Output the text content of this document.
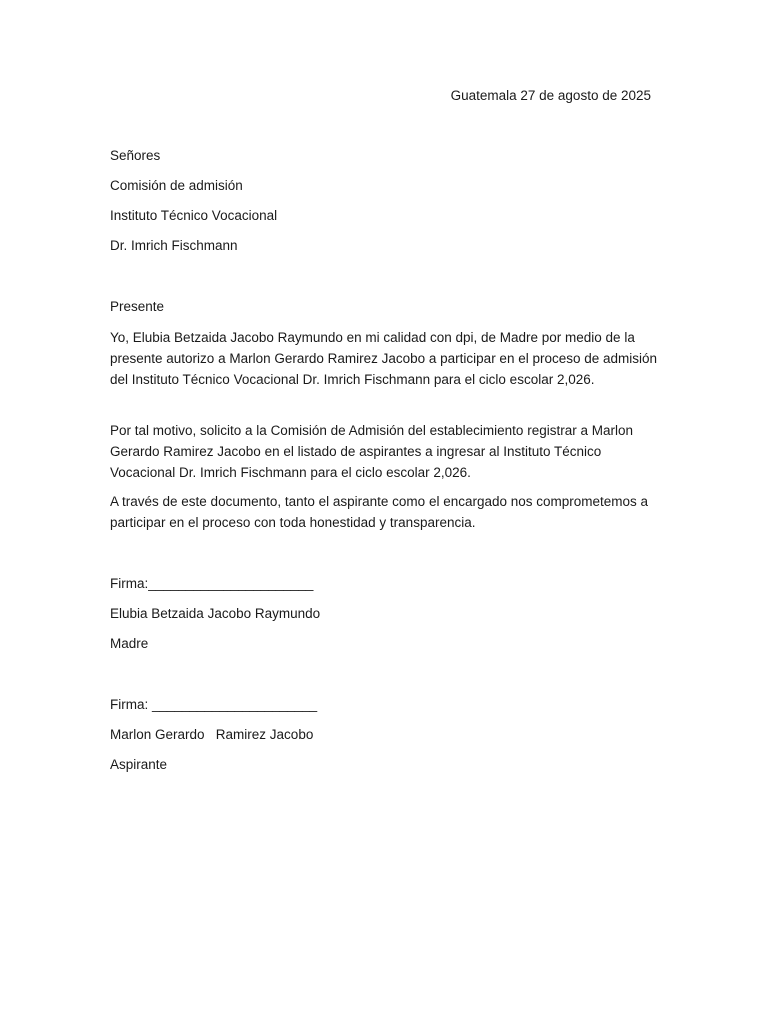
Guatemala 27 de agosto de 2025

Señores

Comisión de admisión

Instituto Técnico Vocacional

Dr. Imrich Fischmann

Presente

Yo, Elubia Betzaida Jacobo Raymundo en mi calidad con dpi, de Madre por medio de la presente autorizo a Marlon Gerardo Ramirez Jacobo a participar en el proceso de admisión del Instituto Técnico Vocacional Dr. Imrich Fischmann para el ciclo escolar 2,026.

Por tal motivo, solicito a la Comisión de Admisión del establecimiento registrar a Marlon Gerardo Ramirez Jacobo en el listado de aspirantes a ingresar al Instituto Técnico Vocacional Dr. Imrich Fischmann para el ciclo escolar 2,026.

A través de este documento, tanto el aspirante como el encargado nos comprometemos a participar en el proceso con toda honestidad y transparencia.

Firma:______________________

Elubia Betzaida Jacobo Raymundo

Madre

Firma: ______________________

Marlon Gerardo   Ramirez Jacobo

Aspirante
